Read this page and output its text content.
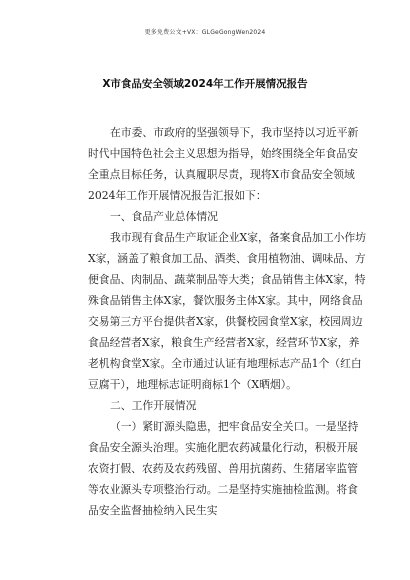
更多免费公文+VX：GLGeGongWen2024
X市食品安全领域2024年工作开展情况报告
在市委、市政府的坚强领导下，我市坚持以习近平新
时代中国特色社会主义思想为指导，始终围绕全年食品安
全重点目标任务，认真履职尽责，现将X市食品安全领域
2024年工作开展情况报告汇报如下：
一、食品产业总体情况
我市现有食品生产取证企业X家，备案食品加工小作坊
X家，涵盖了粮食加工品、酒类、食用植物油、调味品、方
便食品、肉制品、蔬菜制品等大类；食品销售主体X家，特
殊食品销售主体X家，餐饮服务主体X家。其中，网络食品
交易第三方平台提供者X家，供餐校园食堂X家，校园周边
食品经营者X家，粮食生产经营者X家，经营环节X家，养
老机构食堂X家。全市通过认证有地理标志产品1个（红白
豆腐干），地理标志证明商标1个（X晒烟）。
二、工作开展情况
（一）紧盯源头隐患，把牢食品安全关口。一是坚持
食品安全源头治理。实施化肥农药减量化行动，积极开展
农资打假、农药及农药残留、兽用抗菌药、生猪屠宰监管
等农业源头专项整治行动。二是坚持实施抽检监测。将食
品安全监督抽检纳入民生实
